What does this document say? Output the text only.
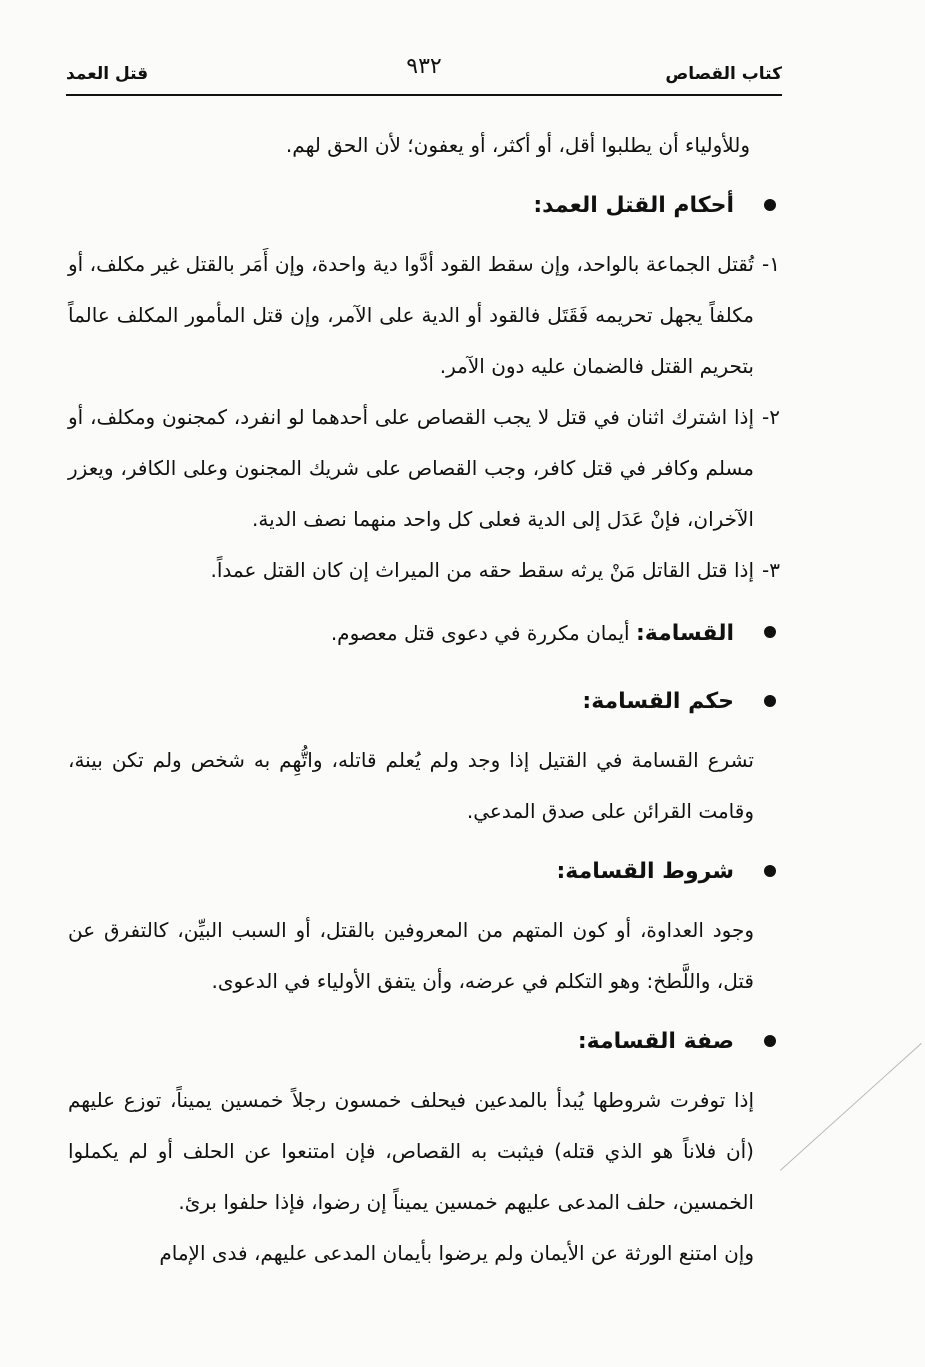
كتاب القصاص
٩٣٢
قتل العمد

وللأولياء أن يطلبوا أقل، أو أكثر، أو يعفون؛ لأن الحق لهم.

أحكام القتل العمد:
١-
تُقتل الجماعة بالواحد، وإن سقط القود أدَّوا دية واحدة، وإن أَمَر بالقتل غير مكلف، أو مكلفاً يجهل تحريمه فَقَتَل فالقود أو الدية على الآمر، وإن قتل المأمور المكلف عالماً بتحريم القتل فالضمان عليه دون الآمر.
٢-
إذا اشترك اثنان في قتل لا يجب القصاص على أحدهما لو انفرد، كمجنون ومكلف، أو مسلم وكافر في قتل كافر، وجب القصاص على شريك المجنون وعلى الكافر، ويعزر الآخران، فإنْ عَدَل إلى الدية فعلى كل واحد منهما نصف الدية.
٣-
إذا قتل القاتل مَنْ يرثه سقط حقه من الميراث إن كان القتل عمداً.
القسامة: أيمان مكررة في دعوى قتل معصوم.
حكم القسامة:

تشرع القسامة في القتيل إذا وجد ولم يُعلم قاتله، واتُّهِم به شخص ولم تكن بينة، وقامت القرائن على صدق المدعي.

شروط القسامة:

وجود العداوة، أو كون المتهم من المعروفين بالقتل، أو السبب البيِّن، كالتفرق عن قتل، واللَّطخ: وهو التكلم في عرضه، وأن يتفق الأولياء في الدعوى.

صفة القسامة:

إذا توفرت شروطها يُبدأ بالمدعين فيحلف خمسون رجلاً خمسين يميناً، توزع عليهم (أن فلاناً هو الذي قتله) فيثبت به القصاص، فإن امتنعوا عن الحلف أو لم يكملوا الخمسين، حلف المدعى عليهم خمسين يميناً إن رضوا، فإذا حلفوا برئ.

وإن امتنع الورثة عن الأيمان ولم يرضوا بأيمان المدعى عليهم، فدى الإمام
